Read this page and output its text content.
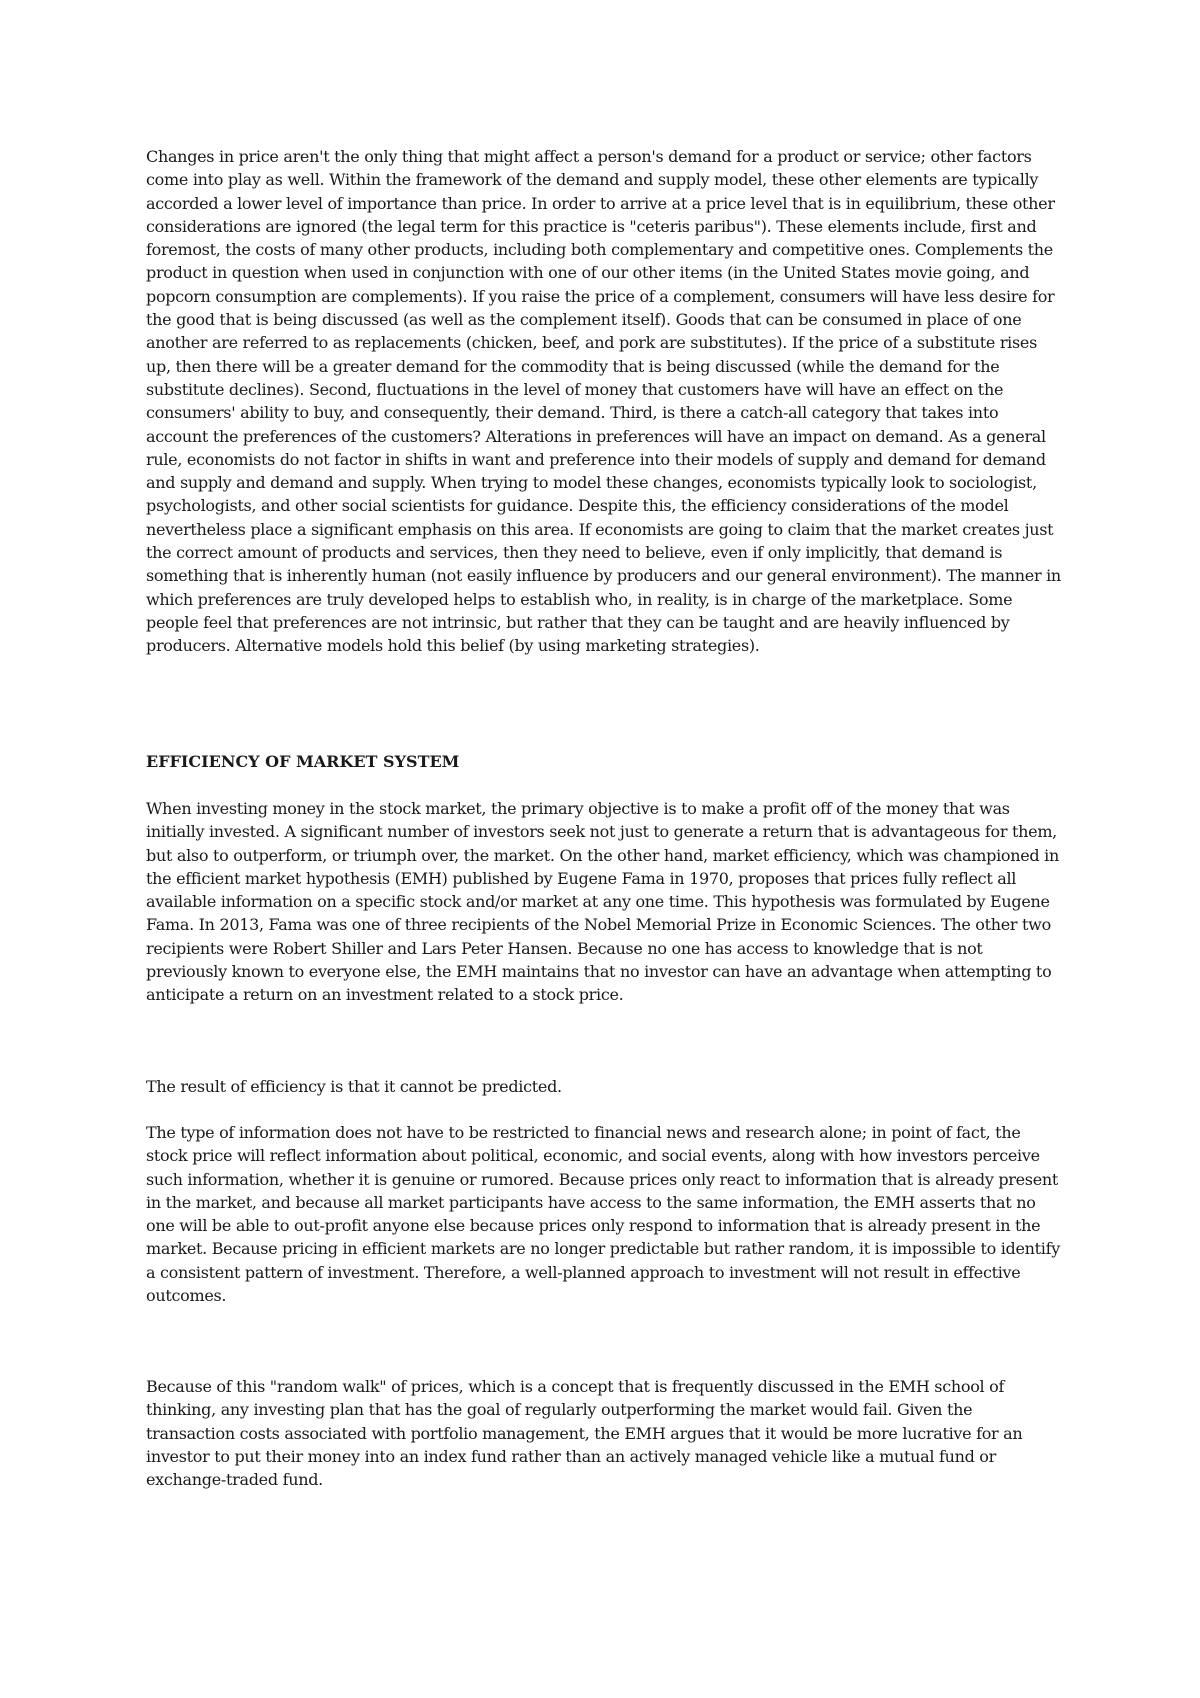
Changes in price aren't the only thing that might affect a person's demand for a product or service; other factors come into play as well. Within the framework of the demand and supply model, these other elements are typically accorded a lower level of importance than price. In order to arrive at a price level that is in equilibrium, these other considerations are ignored (the legal term for this practice is "ceteris paribus"). These elements include, first and foremost, the costs of many other products, including both complementary and competitive ones. Complements the product in question when used in conjunction with one of our other items (in the United States movie going, and popcorn consumption are complements). If you raise the price of a complement, consumers will have less desire for the good that is being discussed (as well as the complement itself). Goods that can be consumed in place of one another are referred to as replacements (chicken, beef, and pork are substitutes). If the price of a substitute rises up, then there will be a greater demand for the commodity that is being discussed (while the demand for the substitute declines). Second, fluctuations in the level of money that customers have will have an effect on the consumers' ability to buy, and consequently, their demand. Third, is there a catch-all category that takes into account the preferences of the customers? Alterations in preferences will have an impact on demand. As a general rule, economists do not factor in shifts in want and preference into their models of supply and demand for demand and supply and demand and supply. When trying to model these changes, economists typically look to sociologist, psychologists, and other social scientists for guidance. Despite this, the efficiency considerations of the model nevertheless place a significant emphasis on this area. If economists are going to claim that the market creates just the correct amount of products and services, then they need to believe, even if only implicitly, that demand is something that is inherently human (not easily influence by producers and our general environment). The manner in which preferences are truly developed helps to establish who, in reality, is in charge of the marketplace. Some people feel that preferences are not intrinsic, but rather that they can be taught and are heavily influenced by producers. Alternative models hold this belief (by using marketing strategies).

EFFICIENCY OF MARKET SYSTEM

When investing money in the stock market, the primary objective is to make a profit off of the money that was initially invested. A significant number of investors seek not just to generate a return that is advantageous for them, but also to outperform, or triumph over, the market. On the other hand, market efficiency, which was championed in the efficient market hypothesis (EMH) published by Eugene Fama in 1970, proposes that prices fully reflect all available information on a specific stock and/or market at any one time. This hypothesis was formulated by Eugene Fama. In 2013, Fama was one of three recipients of the Nobel Memorial Prize in Economic Sciences. The other two recipients were Robert Shiller and Lars Peter Hansen. Because no one has access to knowledge that is not previously known to everyone else, the EMH maintains that no investor can have an advantage when attempting to anticipate a return on an investment related to a stock price.

The result of efficiency is that it cannot be predicted.

The type of information does not have to be restricted to financial news and research alone; in point of fact, the stock price will reflect information about political, economic, and social events, along with how investors perceive such information, whether it is genuine or rumored. Because prices only react to information that is already present in the market, and because all market participants have access to the same information, the EMH asserts that no one will be able to out-profit anyone else because prices only respond to information that is already present in the market. Because pricing in efficient markets are no longer predictable but rather random, it is impossible to identify a consistent pattern of investment. Therefore, a well-planned approach to investment will not result in effective outcomes.

Because of this "random walk" of prices, which is a concept that is frequently discussed in the EMH school of thinking, any investing plan that has the goal of regularly outperforming the market would fail. Given the transaction costs associated with portfolio management, the EMH argues that it would be more lucrative for an investor to put their money into an index fund rather than an actively managed vehicle like a mutual fund or exchange-traded fund.
